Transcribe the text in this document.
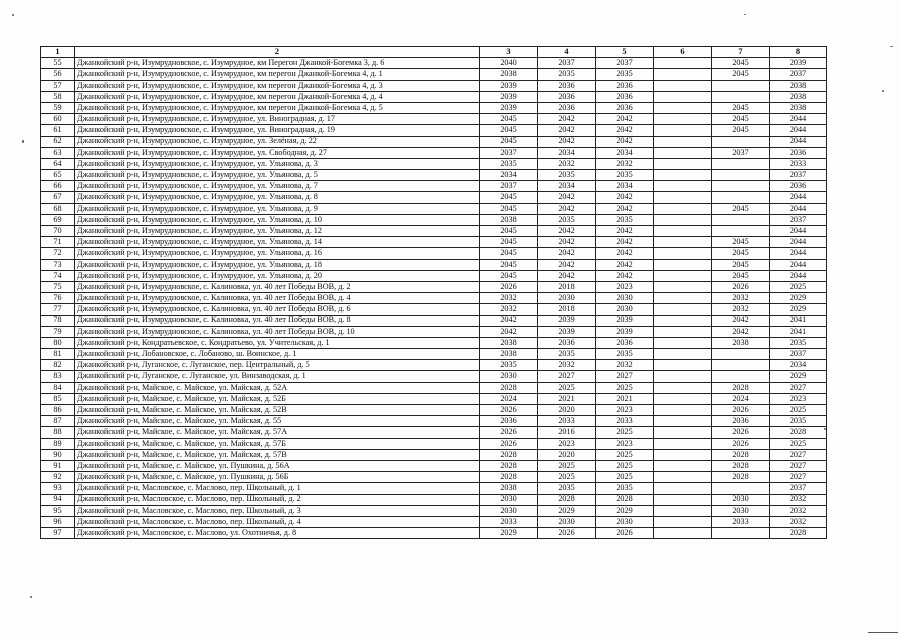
1	2	3	4	5	6	7	8
55	Джанкойский р-н, Изумрудновское, с. Изумрудное, км Перегон Джанкой-Богемка 3, д. 6	2040	2037	2037		2045	2039
56	Джанкойский р-н, Изумрудновское, с. Изумрудное, км перегон Джанкой-Богемка 4, д. 1	2038	2035	2035		2045	2037
57	Джанкойский р-н, Изумрудновское, с. Изумрудное, км перегон Джанкой-Богемка 4, д. 3	2039	2036	2036			2038
58	Джанкойский р-н, Изумрудновское, с. Изумрудное, км перегон Джанкой-Богемка 4, д. 4	2039	2036	2036			2038
59	Джанкойский р-н, Изумрудновское, с. Изумрудное, км перегон Джанкой-Богемка 4, д. 5	2039	2036	2036		2045	2038
60	Джанкойский р-н, Изумрудновское, с. Изумрудное, ул. Виноградная, д. 17	2045	2042	2042		2045	2044
61	Джанкойский р-н, Изумрудновское, с. Изумрудное, ул. Виноградная, д. 19	2045	2042	2042		2045	2044
62	Джанкойский р-н, Изумрудновское, с. Изумрудное, ул. Зелёная, д. 22	2045	2042	2042			2044
63	Джанкойский р-н, Изумрудновское, с. Изумрудное, ул. Свободная, д. 27	2037	2034	2034		2037	2036
64	Джанкойский р-н, Изумрудновское, с. Изумрудное, ул. Ульянова, д. 3	2035	2032	2032			2033
65	Джанкойский р-н, Изумрудновское, с. Изумрудное, ул. Ульянова, д. 5	2034	2035	2035			2037
66	Джанкойский р-н, Изумрудновское, с. Изумрудное, ул. Ульянова, д. 7	2037	2034	2034			2036
67	Джанкойский р-н, Изумрудновское, с. Изумрудное, ул. Ульянова, д. 8	2045	2042	2042			2044
68	Джанкойский р-н, Изумрудновское, с. Изумрудное, ул. Ульянова, д. 9	2045	2042	2042		2045	2044
69	Джанкойский р-н, Изумрудновское, с. Изумрудное, ул. Ульянова, д. 10	2038	2035	2035			2037
70	Джанкойский р-н, Изумрудновское, с. Изумрудное, ул. Ульянова, д. 12	2045	2042	2042			2044
71	Джанкойский р-н, Изумрудновское, с. Изумрудное, ул. Ульянова, д. 14	2045	2042	2042		2045	2044
72	Джанкойский р-н, Изумрудновское, с. Изумрудное, ул. Ульянова, д. 16	2045	2042	2042		2045	2044
73	Джанкойский р-н, Изумрудновское, с. Изумрудное, ул. Ульянова, д. 18	2045	2042	2042		2045	2044
74	Джанкойский р-н, Изумрудновское, с. Изумрудное, ул. Ульянова, д. 20	2045	2042	2042		2045	2044
75	Джанкойский р-н, Изумрудновское, с. Калиновка, ул. 40 лет Победы ВОВ, д. 2	2026	2018	2023		2026	2025
76	Джанкойский р-н, Изумрудновское, с. Калиновка, ул. 40 лет Победы ВОВ, д. 4	2032	2030	2030		2032	2029
77	Джанкойский р-н, Изумрудновское, с. Калиновка, ул. 40 лет Победы ВОВ, д. 6	2032	2018	2030		2032	2029
78	Джанкойский р-н, Изумрудновское, с. Калиновка, ул. 40 лет Победы ВОВ, д. 8	2042	2039	2039		2042	2041
79	Джанкойский р-н, Изумрудновское, с. Калиновка, ул. 40 лет Победы ВОВ, д. 10	2042	2039	2039		2042	2041
80	Джанкойский р-н, Кондратьевское, с. Кондратьево, ул. Учительская, д. 1	2038	2036	2036		2038	2035
81	Джанкойский р-н, Лобановское, с. Лобаново, ш. Воинское, д. 1	2038	2035	2035			2037
82	Джанкойский р-н, Луганское, с. Луганское, пер. Центральный, д. 5	2035	2032	2032			2034
83	Джанкойский р-н, Луганское, с. Луганское, ул. Винзаводская, д. 1	2030	2027	2027			2029
84	Джанкойский р-н, Майское, с. Майское, ул. Майская, д. 52А	2028	2025	2025		2028	2027
85	Джанкойский р-н, Майское, с. Майское, ул. Майская, д. 52Б	2024	2021	2021		2024	2023
86	Джанкойский р-н, Майское, с. Майское, ул. Майская, д. 52В	2026	2020	2023		2026	2025
87	Джанкойский р-н, Майское, с. Майское, ул. Майская, д. 55	2036	2033	2033		2036	2035
88	Джанкойский р-н, Майское, с. Майское, ул. Майская, д. 57А	2026	2016	2025		2026	2028
89	Джанкойский р-н, Майское, с. Майское, ул. Майская, д. 57Б	2026	2023	2023		2026	2025
90	Джанкойский р-н, Майское, с. Майское, ул. Майская, д. 57В	2028	2020	2025		2028	2027
91	Джанкойский р-н, Майское, с. Майское, ул. Пушкина, д. 56А	2028	2025	2025		2028	2027
92	Джанкойский р-н, Майское, с. Майское, ул. Пушкина, д. 56Б	2028	2025	2025		2028	2027
93	Джанкойский р-н, Масловское, с. Маслово, пер. Школьный, д. 1	2038	2035	2035			2037
94	Джанкойский р-н, Масловское, с. Маслово, пер. Школьный, д. 2	2030	2028	2028		2030	2032
95	Джанкойский р-н, Масловское, с. Маслово, пер. Школьный, д. 3	2030	2029	2029		2030	2032
96	Джанкойский р-н, Масловское, с. Маслово, пер. Школьный, д. 4	2033	2030	2030		2033	2032
97	Джанкойский р-н, Масловское, с. Маслово, ул. Охотничья, д. 8	2029	2026	2026			2028
